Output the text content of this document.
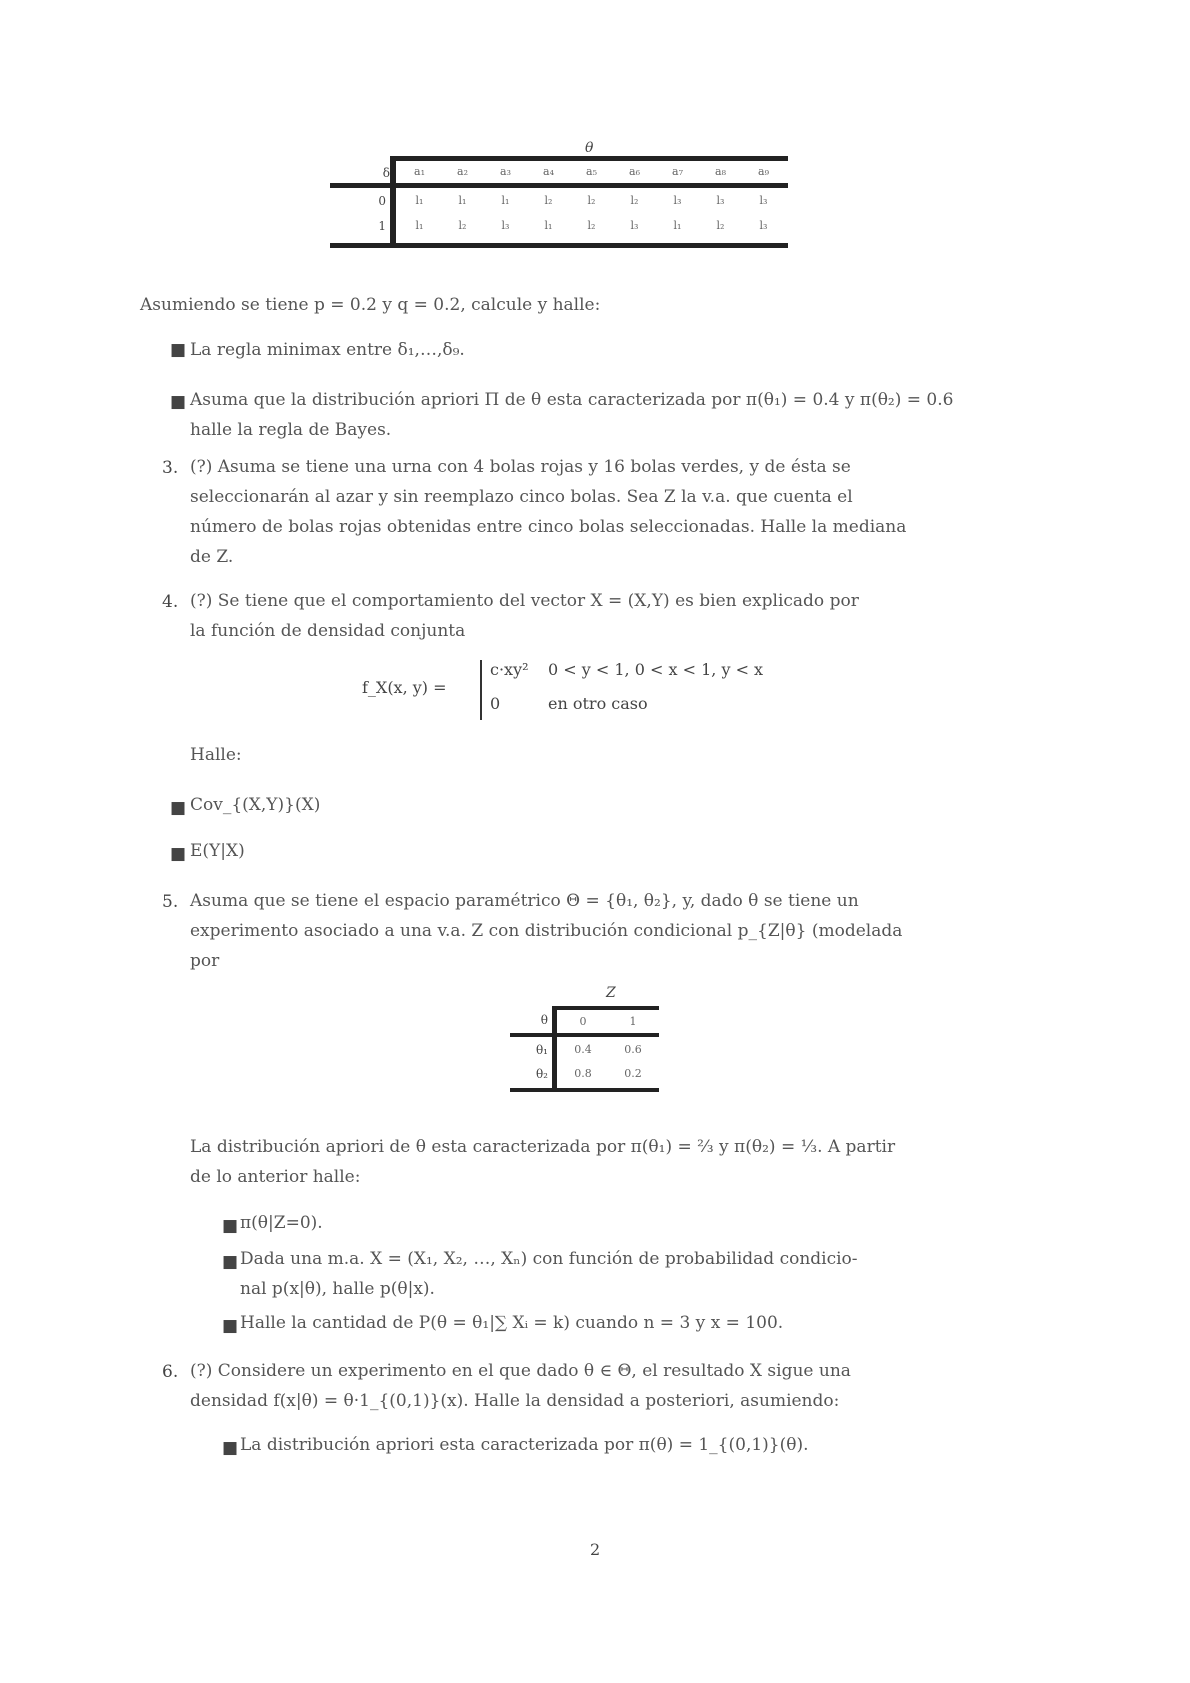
θ
δ	a₁	a₂	a₃	a₄	a₅	a₆	a₇	a₈	a₉
0	l₁	l₁	l₁	l₂	l₂	l₂	l₃	l₃	l₃
1	l₁	l₂	l₃	l₁	l₂	l₃	l₁	l₂	l₃

Asumiendo se tiene p = 0.2 y q = 0.2, calcule y halle:

■ La regla minimax entre δ₁,…,δ₉.

■ Asuma que la distribución apriori Π de θ esta caracterizada por π(θ₁) = 0.4 y π(θ₂) = 0.6 halle la regla de Bayes.

3. (?) Asuma se tiene una urna con 4 bolas rojas y 16 bolas verdes, y de ésta se

seleccionarán al azar y sin reemplazo cinco bolas. Sea Z la v.a. que cuenta el

número de bolas rojas obtenidas entre cinco bolas seleccionadas. Halle la mediana

de Z.

4. (?) Se tiene que el comportamiento del vector X = (X,Y) es bien explicado por

la función de densidad conjunta

f_X(x, y) =
c·xy² 0 < y < 1, 0 < x < 1, y < x
0	en otro caso

Halle:

■ Cov_{(X,Y)}(X)

■ E(Y|X)

5. Asuma que se tiene el espacio paramétrico Θ = {θ₁, θ₂}, y, dado θ se tiene un

experimento asociado a una v.a. Z con distribución condicional p_{Z|θ} (modelada

por

Z
θ	0	1
θ₁	0.4	0.6
θ₂	0.8	0.2

La distribución apriori de θ esta caracterizada por π(θ₁) = ⅔ y π(θ₂) = ⅓. A partir

de lo anterior halle:

■ π(θ|Z=0).

■ Dada una m.a. X = (X₁, X₂, …, Xₙ) con función de probabilidad condicio-

nal p(x|θ), halle p(θ|x).

■ Halle la cantidad de P(θ = θ₁|∑ Xᵢ = k) cuando n = 3 y x = 100.

6. (?) Considere un experimento en el que dado θ ∈ Θ, el resultado X sigue una

densidad f(x|θ) = θ·1_{(0,1)}(x). Halle la densidad a posteriori, asumiendo:

■ La distribución apriori esta caracterizada por π(θ) = 1_{(0,1)}(θ).

2
